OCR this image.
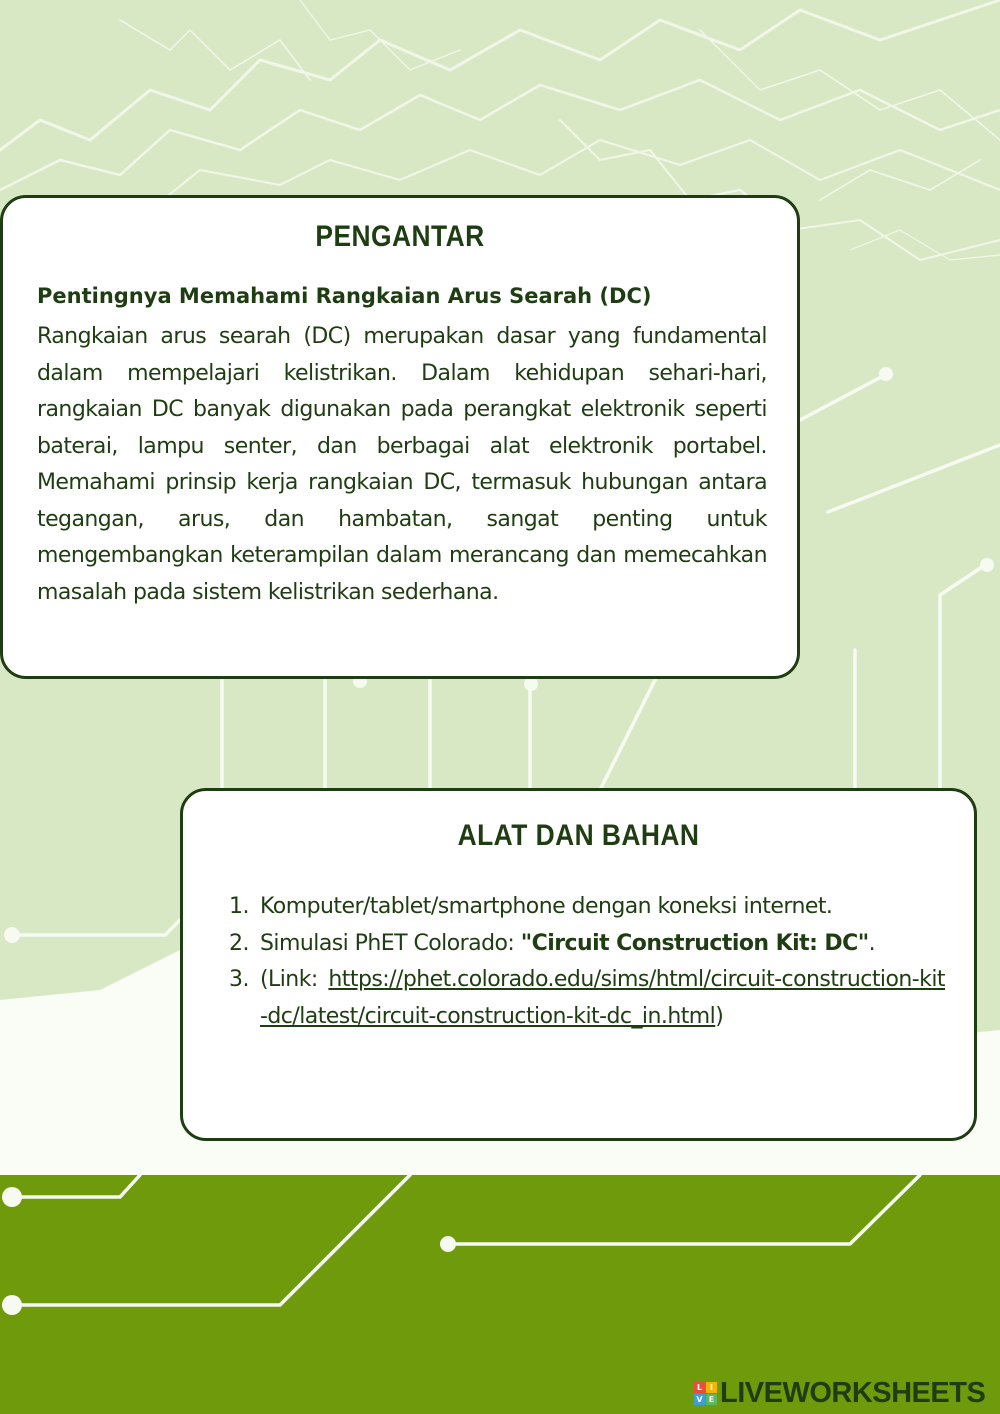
PENGANTAR
Pentingnya Memahami Rangkaian Arus Searah (DC)

Rangkaian arus searah (DC) merupakan dasar yang fundamental dalam mempelajari kelistrikan. Dalam kehidupan sehari-hari, rangkaian DC banyak digunakan pada perangkat elektronik seperti baterai, lampu senter, dan berbagai alat elektronik portabel. Memahami prinsip kerja rangkaian DC, termasuk hubungan antara tegangan, arus, dan hambatan, sangat penting untuk mengembangkan keterampilan dalam merancang dan memecahkan masalah pada sistem kelistrikan sederhana.

ALAT DAN BAHAN
1. Komputer/tablet/smartphone dengan koneksi internet.
2. Simulasi PhET Colorado: "Circuit Construction Kit: DC".
3. (Link: https://phet.colorado.edu/sims/html/circuit-construction-kit-dc/latest/circuit-construction-kit-dc_in.html)
L I
V E LIVEWORKSHEETS
